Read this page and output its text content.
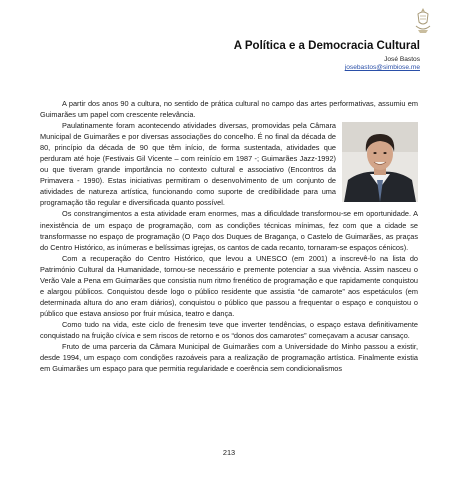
A Política e a Democracia Cultural
José Bastos
josebastos@simbiose.me

A partir dos anos 90 a cultura, no sentido de prática cultural no campo das artes performativas, assumiu em Guimarães um papel com crescente relevância.

Paulatinamente foram acontecendo atividades diversas, promovidas pela Câmara Municipal de Guimarães e por diversas associações do concelho. É no final da década de 80, princípio da década de 90 que têm início, de forma sustentada, atividades que perduram até hoje (Festivais Gil Vicente – com reinício em 1987 -; Guimarães Jazz-1992) ou que tiveram grande importância no contexto cultural e associativo (Encontros da Primavera - 1990). Estas iniciativas permitiram o desenvolvimento de um conjunto de atividades de natureza artística, funcionando como suporte de credibilidade para uma programação tão regular e diversificada quanto possível.

Os constrangimentos a esta atividade eram enormes, mas a dificuldade transformou-se em oportunidade. A inexistência de um espaço de programação, com as condições técnicas mínimas, fez com que a cidade se transformasse no espaço de programação (O Paço dos Duques de Bragança, o Castelo de Guimarães, as praças do Centro Histórico, as inúmeras e belíssimas igrejas, os cantos de cada recanto, tornaram-se espaços cénicos).

Com a recuperação do Centro Histórico, que levou a UNESCO (em 2001) a inscrevê-lo na lista do Património Cultural da Humanidade, tornou-se necessário e premente potenciar a sua vivência. Assim nasceu o Verão Vale a Pena em Guimarães que consistia num ritmo frenético de programação e que rapidamente conquistou e alargou públicos. Conquistou desde logo o público residente que assistia “de camarote” aos espetáculos (em determinada altura do ano eram diários), conquistou o público que passou a frequentar o espaço e conquistou o público que estava ansioso por fruir música, teatro e dança.

Como tudo na vida, este ciclo de frenesim teve que inverter tendências, o espaço estava definitivamente conquistado na fruição cívica e sem riscos de retorno e os “donos dos camarotes” começavam a acusar cansaço.

Fruto de uma parceria da Câmara Municipal de Guimarães com a Universidade do Minho passou a existir, desde 1994, um espaço com condições razoáveis para a realização de programação artística. Finalmente existia em Guimarães um espaço para que permitia regularidade e coerência sem condicionalismos

213
